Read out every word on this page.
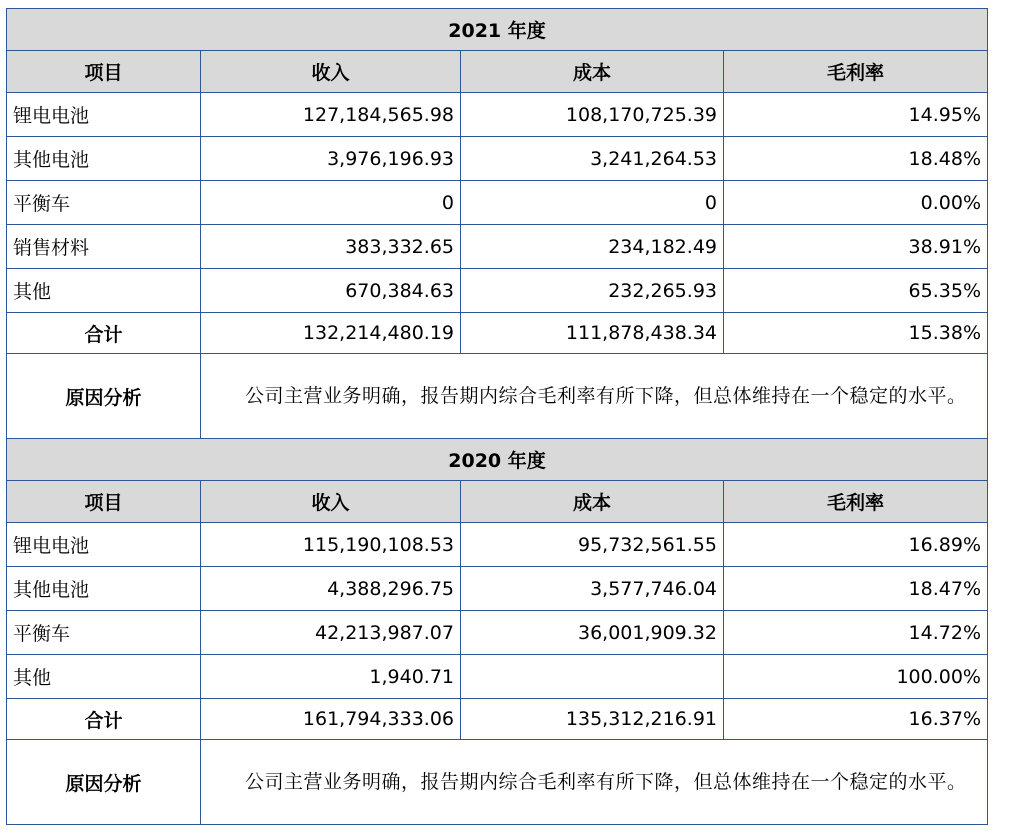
2021 年度			
项目	收入	成本	毛利率
锂电电池	127,184,565.98	108,170,725.39	14.95%
其他电池	3,976,196.93	3,241,264.53	18.48%
平衡车	0	0	0.00%
销售材料	383,332.65	234,182.49	38.91%
其他	670,384.63	232,265.93	65.35%
合计	132,214,480.19	111,878,438.34	15.38%
原因分析	公司主营业务明确，报告期内综合毛利率有所下降，但总体维持在一个稳定的水平。		
2020 年度			
项目	收入	成本	毛利率
锂电电池	115,190,108.53	95,732,561.55	16.89%
其他电池	4,388,296.75	3,577,746.04	18.47%
平衡车	42,213,987.07	36,001,909.32	14.72%
其他	1,940.71		100.00%
合计	161,794,333.06	135,312,216.91	16.37%
原因分析	公司主营业务明确，报告期内综合毛利率有所下降，但总体维持在一个稳定的水平。		
